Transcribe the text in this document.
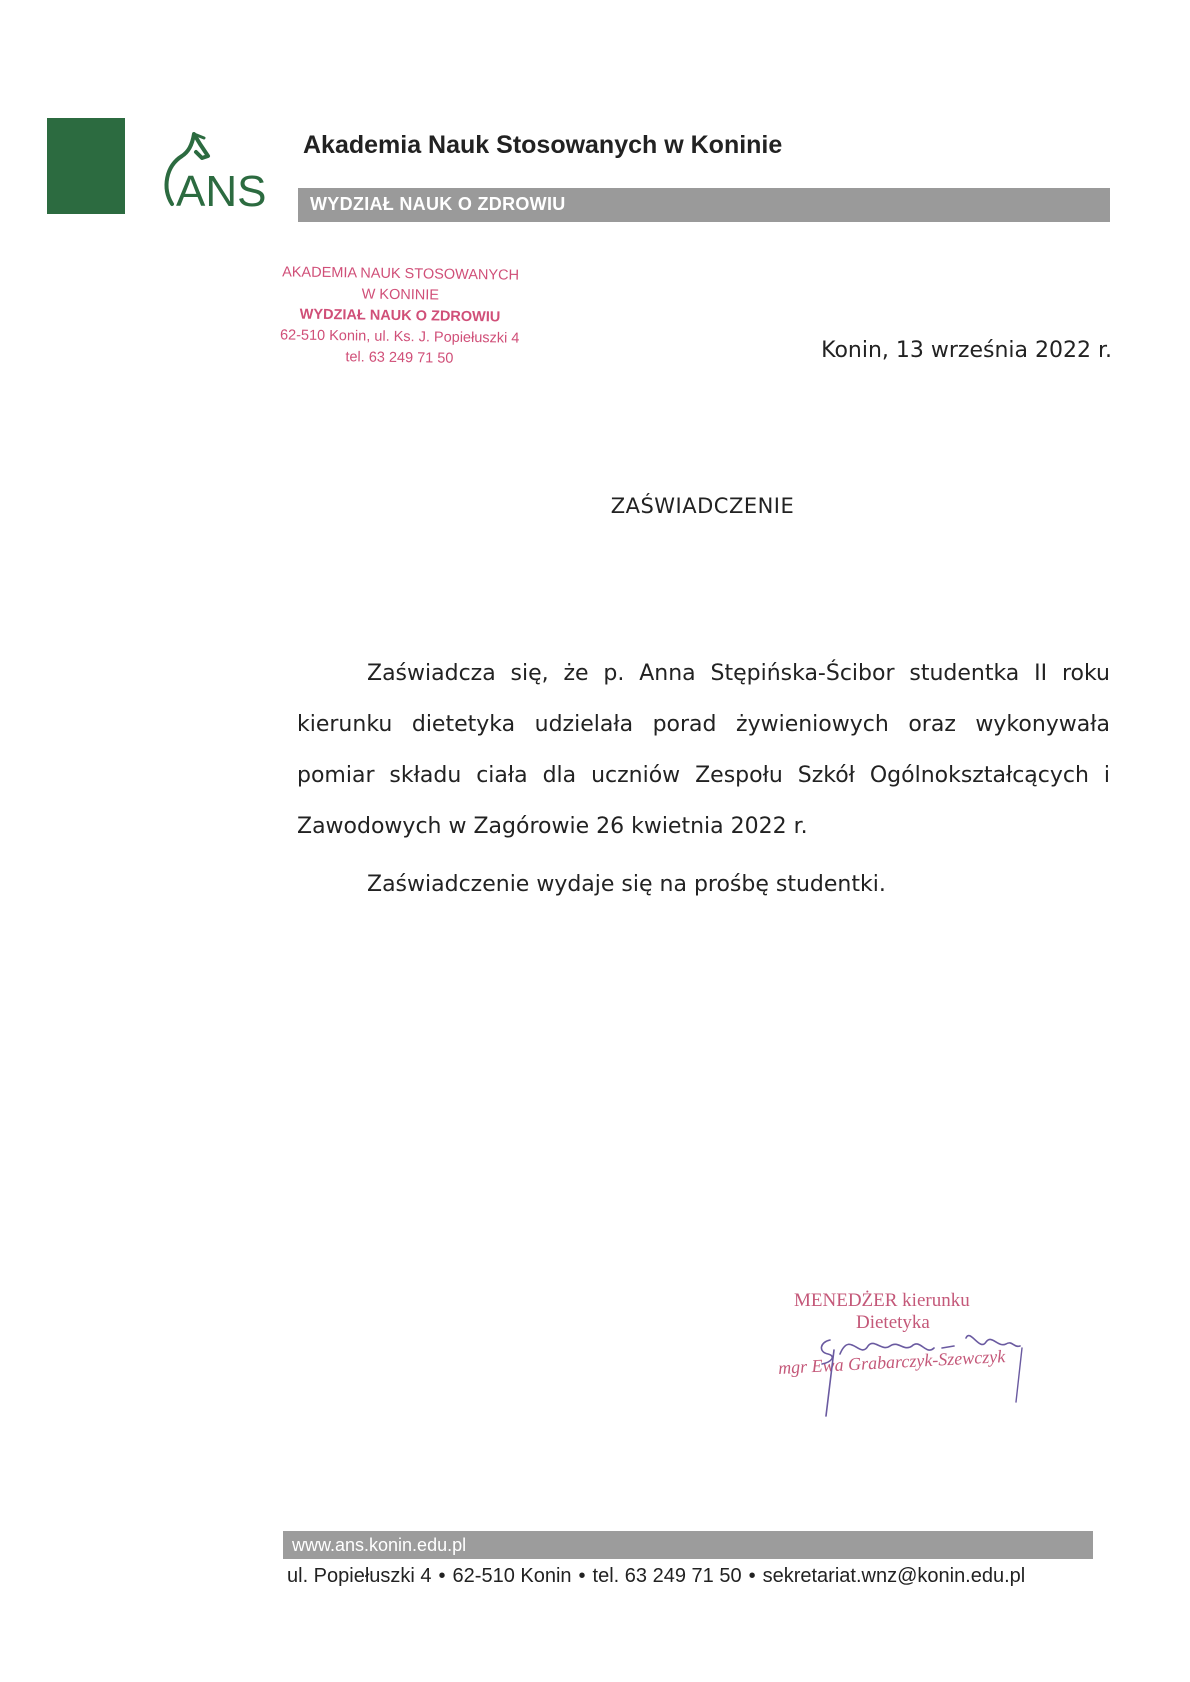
ANS
Akademia Nauk Stosowanych w Koninie
WYDZIAŁ NAUK O ZDROWIU
AKADEMIA NAUK STOSOWANYCH
W KONINIE
WYDZIAŁ NAUK O ZDROWIU
62-510 Konin, ul. Ks. J. Popiełuszki 4
tel. 63 249 71 50	Konin, 13 września 2022 r.
ZAŚWIADCZENIE

Zaświadcza się, że p. Anna Stępińska-Ścibor studentka II roku kierunku dietetyka udzielała porad żywieniowych oraz wykonywała pomiar składu ciała dla uczniów Zespołu Szkół Ogólnokształcących i Zawodowych w Zagórowie 26 kwietnia 2022 r.

Zaświadczenie wydaje się na prośbę studentki.
MENEDŻER kierunku
Dietetyka
mgr Ewa Grabarczyk-Szewczyk
www.ans.konin.edu.pl
ul. Popiełuszki 4 • 62-510 Konin • tel. 63 249 71 50 • sekretariat.wnz@konin.edu.pl
